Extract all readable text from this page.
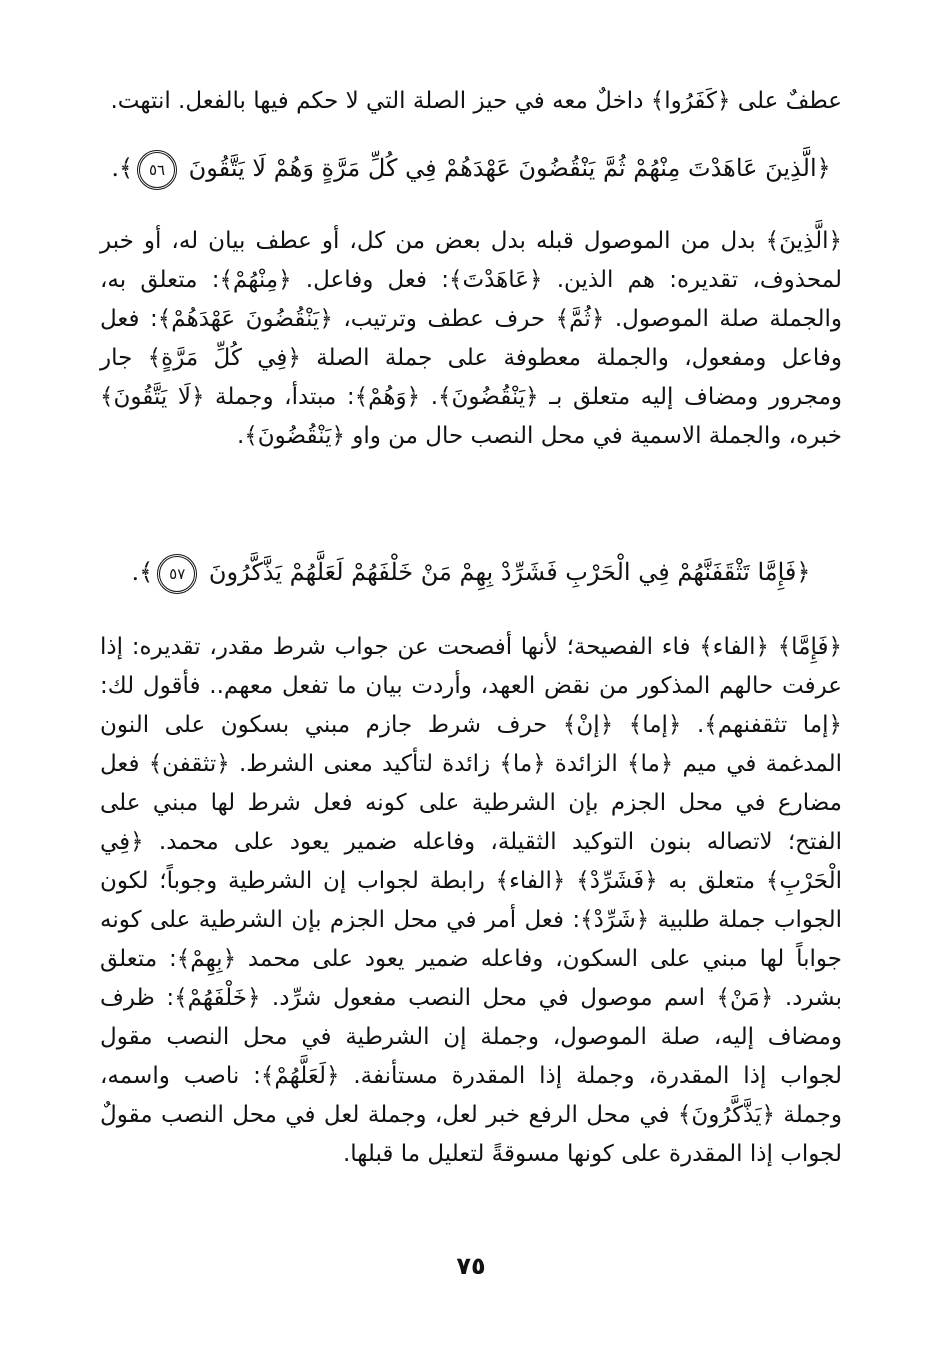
عطفٌ على ﴿كَفَرُوا﴾ داخلٌ معه في حيز الصلة التي لا حكم فيها بالفعل. انتهت.

﴿الَّذِينَ عَاهَدْتَ مِنْهُمْ ثُمَّ يَنْقُضُونَ عَهْدَهُمْ فِي كُلِّ مَرَّةٍ وَهُمْ لَا يَتَّقُونَ ٥٦﴾.

﴿الَّذِينَ﴾ بدل من الموصول قبله بدل بعض من كل، أو عطف بيان له، أو خبر لمحذوف، تقديره: هم الذين. ﴿عَاهَدْتَ﴾: فعل وفاعل. ﴿مِنْهُمْ﴾: متعلق به، والجملة صلة الموصول. ﴿ثُمَّ﴾ حرف عطف وترتيب، ﴿يَنْقُضُونَ عَهْدَهُمْ﴾: فعل وفاعل ومفعول، والجملة معطوفة على جملة الصلة ﴿فِي كُلِّ مَرَّةٍ﴾ جار ومجرور ومضاف إليه متعلق بـ ﴿يَنْقُضُونَ﴾. ﴿وَهُمْ﴾: مبتدأ، وجملة ﴿لَا يَتَّقُونَ﴾ خبره، والجملة الاسمية في محل النصب حال من واو ﴿يَنْقُضُونَ﴾.

﴿فَإِمَّا تَثْقَفَنَّهُمْ فِي الْحَرْبِ فَشَرِّدْ بِهِمْ مَنْ خَلْفَهُمْ لَعَلَّهُمْ يَذَّكَّرُونَ ٥٧﴾.

﴿فَإِمَّا﴾ ﴿الفاء﴾ فاء الفصيحة؛ لأنها أفصحت عن جواب شرط مقدر، تقديره: إذا عرفت حالهم المذكور من نقض العهد، وأردت بيان ما تفعل معهم.. فأقول لك: ﴿إما تثقفنهم﴾. ﴿إما﴾ ﴿إنْ﴾ حرف شرط جازم مبني بسكون على النون المدغمة في ميم ﴿ما﴾ الزائدة ﴿ما﴾ زائدة لتأكيد معنى الشرط. ﴿تثقفن﴾ فعل مضارع في محل الجزم بإن الشرطية على كونه فعل شرط لها مبني على الفتح؛ لاتصاله بنون التوكيد الثقيلة، وفاعله ضمير يعود على محمد. ﴿فِي الْحَرْبِ﴾ متعلق به ﴿فَشَرِّدْ﴾ ﴿الفاء﴾ رابطة لجواب إن الشرطية وجوباً؛ لكون الجواب جملة طلبية ﴿شَرِّدْ﴾: فعل أمر في محل الجزم بإن الشرطية على كونه جواباً لها مبني على السكون، وفاعله ضمير يعود على محمد ﴿بِهِمْ﴾: متعلق بشرد. ﴿مَنْ﴾ اسم موصول في محل النصب مفعول شرِّد. ﴿خَلْفَهُمْ﴾: ظرف ومضاف إليه، صلة الموصول، وجملة إن الشرطية في محل النصب مقول لجواب إذا المقدرة، وجملة إذا المقدرة مستأنفة. ﴿لَعَلَّهُمْ﴾: ناصب واسمه، وجملة ﴿يَذَّكَّرُونَ﴾ في محل الرفع خبر لعل، وجملة لعل في محل النصب مقولٌ لجواب إذا المقدرة على كونها مسوقةً لتعليل ما قبلها.

٧٥
